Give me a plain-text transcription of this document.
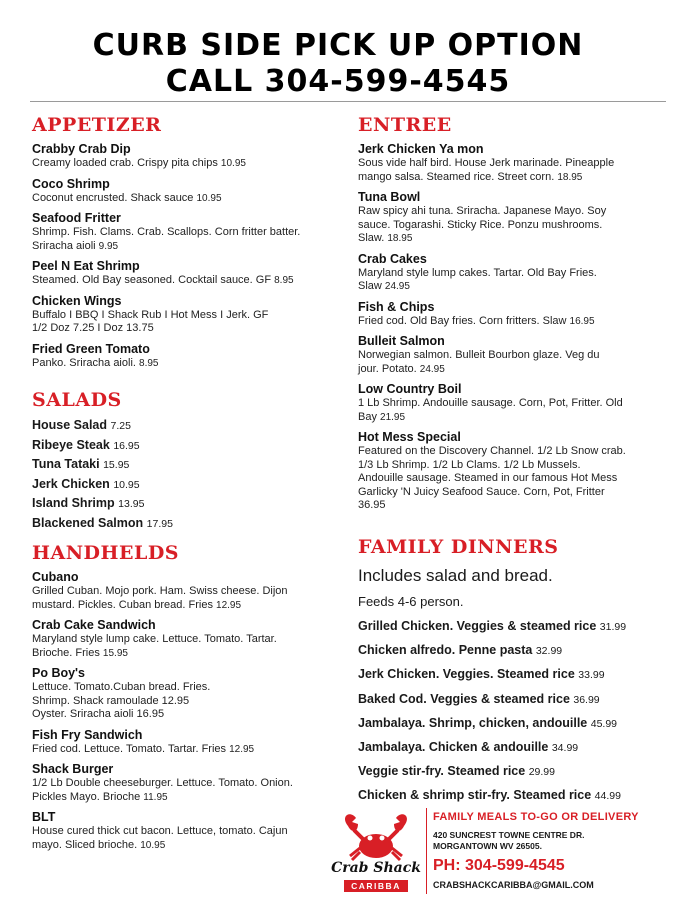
CURB SIDE PICK UP OPTION
CALL 304-599-4545
APPETIZER
Crabby Crab Dip
Creamy loaded crab. Crispy pita chips 10.95
Coco Shrimp
Coconut encrusted. Shack sauce 10.95
Seafood Fritter
Shrimp. Fish. Clams. Crab. Scallops. Corn fritter batter.
Sriracha aioli 9.95
Peel N Eat Shrimp
Steamed. Old Bay seasoned. Cocktail sauce. GF 8.95
Chicken Wings
Buffalo I BBQ I Shack Rub I Hot Mess I Jerk. GF
1/2 Doz 7.25 I Doz 13.75
Fried Green Tomato
Panko. Sriracha aioli. 8.95
SALADS
House Salad 7.25
Ribeye Steak 16.95
Tuna Tataki 15.95
Jerk Chicken 10.95
Island Shrimp 13.95
Blackened Salmon 17.95
HANDHELDS
Cubano
Grilled Cuban. Mojo pork. Ham. Swiss cheese. Dijon
mustard. Pickles. Cuban bread. Fries 12.95
Crab Cake Sandwich
Maryland style lump cake. Lettuce. Tomato. Tartar.
Brioche. Fries 15.95
Po Boy's
Lettuce. Tomato.Cuban bread. Fries.
Shrimp. Shack ramoulade 12.95
Oyster. Sriracha aioli 16.95
Fish Fry Sandwich
Fried cod. Lettuce. Tomato. Tartar. Fries 12.95
Shack Burger
1/2 Lb Double cheeseburger. Lettuce. Tomato. Onion.
Pickles Mayo. Brioche 11.95
BLT
House cured thick cut bacon. Lettuce, tomato. Cajun
mayo. Sliced brioche. 10.95
ENTREE
Jerk Chicken Ya mon
Sous vide half bird. House Jerk marinade. Pineapple
mango salsa. Steamed rice. Street corn. 18.95
Tuna Bowl
Raw spicy ahi tuna. Sriracha. Japanese Mayo. Soy
sauce. Togarashi. Sticky Rice. Ponzu mushrooms.
Slaw. 18.95
Crab Cakes
Maryland style lump cakes. Tartar. Old Bay Fries.
Slaw 24.95
Fish & Chips
Fried cod. Old Bay fries. Corn fritters. Slaw 16.95
Bulleit Salmon
Norwegian salmon. Bulleit Bourbon glaze. Veg du
jour. Potato. 24.95
Low Country Boil
1 Lb Shrimp. Andouille sausage. Corn, Pot, Fritter. Old
Bay 21.95
Hot Mess Special
Featured on the Discovery Channel. 1/2 Lb Snow crab.
1/3 Lb Shrimp. 1/2 Lb Clams. 1/2 Lb Mussels.
Andouille sausage. Steamed in our famous Hot Mess
Garlicky 'N Juicy Seafood Sauce. Corn, Pot, Fritter
36.95
FAMILY DINNERS
Includes salad and bread.
Feeds 4-6 person.
Grilled Chicken. Veggies & steamed rice 31.99
Chicken alfredo. Penne pasta 32.99
Jerk Chicken. Veggies. Steamed rice 33.99
Baked Cod. Veggies & steamed rice 36.99
Jambalaya. Shrimp, chicken, andouille 45.99
Jambalaya. Chicken & andouille 34.99
Veggie stir-fry. Steamed rice 29.99
Chicken & shrimp stir-fry. Steamed rice 44.99
Crab Shack
CARIBBA
FAMILY MEALS TO-GO OR DELIVERY
420 SUNCREST TOWNE CENTRE DR.
MORGANTOWN WV 26505.
PH: 304-599-4545
CRABSHACKCARIBBA@GMAIL.COM
